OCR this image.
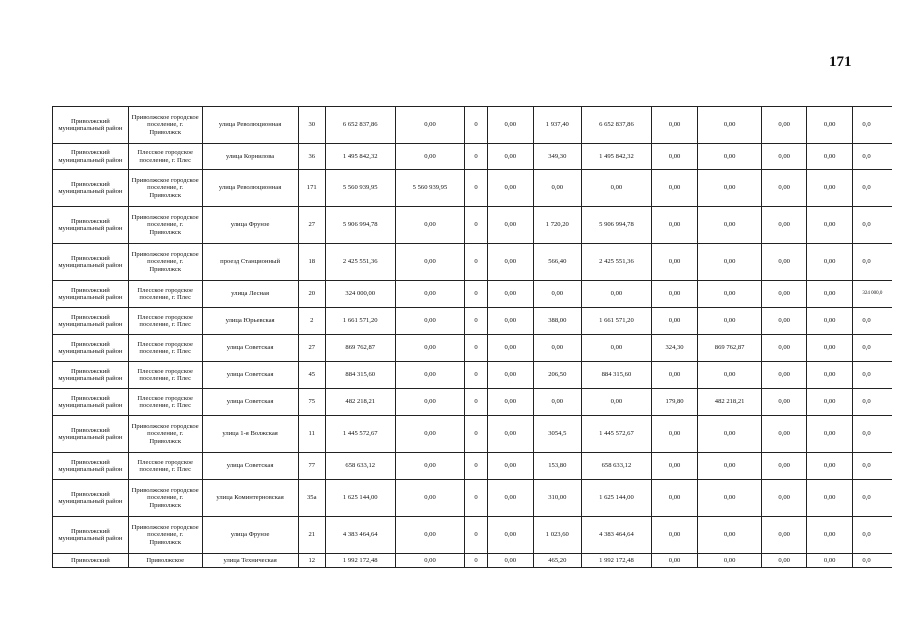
171
Приволжский муниципальный район	Приволжское городское поселение, г. Приволжск	улица Революционная	30	6 652 837,86	0,00	0	0,00	1 937,40	6 652 837,86	0,00	0,00	0,00	0,00	0,0
Приволжский муниципальный район	Плесское городское поселение, г. Плес	улица Корнилова	36	1 495 842,32	0,00	0	0,00	349,30	1 495 842,32	0,00	0,00	0,00	0,00	0,0
Приволжский муниципальный район	Приволжское городское поселение, г. Приволжск	улица Революционная	171	5 560 939,95	5 560 939,95	0	0,00	0,00	0,00	0,00	0,00	0,00	0,00	0,0
Приволжский муниципальный район	Приволжское городское поселение, г. Приволжск	улица Фрунзе	27	5 906 994,78	0,00	0	0,00	1 720,20	5 906 994,78	0,00	0,00	0,00	0,00	0,0
Приволжский муниципальный район	Приволжское городское поселение, г. Приволжск	проезд Станционный	18	2 425 551,36	0,00	0	0,00	566,40	2 425 551,36	0,00	0,00	0,00	0,00	0,0
Приволжский муниципальный район	Плесское городское поселение, г. Плес	улица Лесная	20	324 000,00	0,00	0	0,00	0,00	0,00	0,00	0,00	0,00	0,00	324 000,0
Приволжский муниципальный район	Плесское городское поселение, г. Плес	улица Юрьевская	2	1 661 571,20	0,00	0	0,00	388,00	1 661 571,20	0,00	0,00	0,00	0,00	0,0
Приволжский муниципальный район	Плесское городское поселение, г. Плес	улица Советская	27	869 762,87	0,00	0	0,00	0,00	0,00	324,30	869 762,87	0,00	0,00	0,0
Приволжский муниципальный район	Плесское городское поселение, г. Плес	улица Советская	45	884 315,60	0,00	0	0,00	206,50	884 315,60	0,00	0,00	0,00	0,00	0,0
Приволжский муниципальный район	Плесское городское поселение, г. Плес	улица Советская	75	482 218,21	0,00	0	0,00	0,00	0,00	179,80	482 218,21	0,00	0,00	0,0
Приволжский муниципальный район	Приволжское городское поселение, г. Приволжск	улица 1-я Волжская	11	1 445 572,67	0,00	0	0,00	3054,5	1 445 572,67	0,00	0,00	0,00	0,00	0,0
Приволжский муниципальный район	Плесское городское поселение, г. Плес	улица Советская	77	658 633,12	0,00	0	0,00	153,80	658 633,12	0,00	0,00	0,00	0,00	0,0
Приволжский муниципальный район	Приволжское городское поселение, г. Приволжск	улица Коминтерновская	35а	1 625 144,00	0,00	0	0,00	310,00	1 625 144,00	0,00	0,00	0,00	0,00	0,0
Приволжский муниципальный район	Приволжское городское поселение, г. Приволжск	улица Фрунзе	21	4 383 464,64	0,00	0	0,00	1 023,60	4 383 464,64	0,00	0,00	0,00	0,00	0,0
Приволжский	Приволжское	улица Техническая	12	1 992 172,48	0,00	0	0,00	465,20	1 992 172,48	0,00	0,00	0,00	0,00	0,0
